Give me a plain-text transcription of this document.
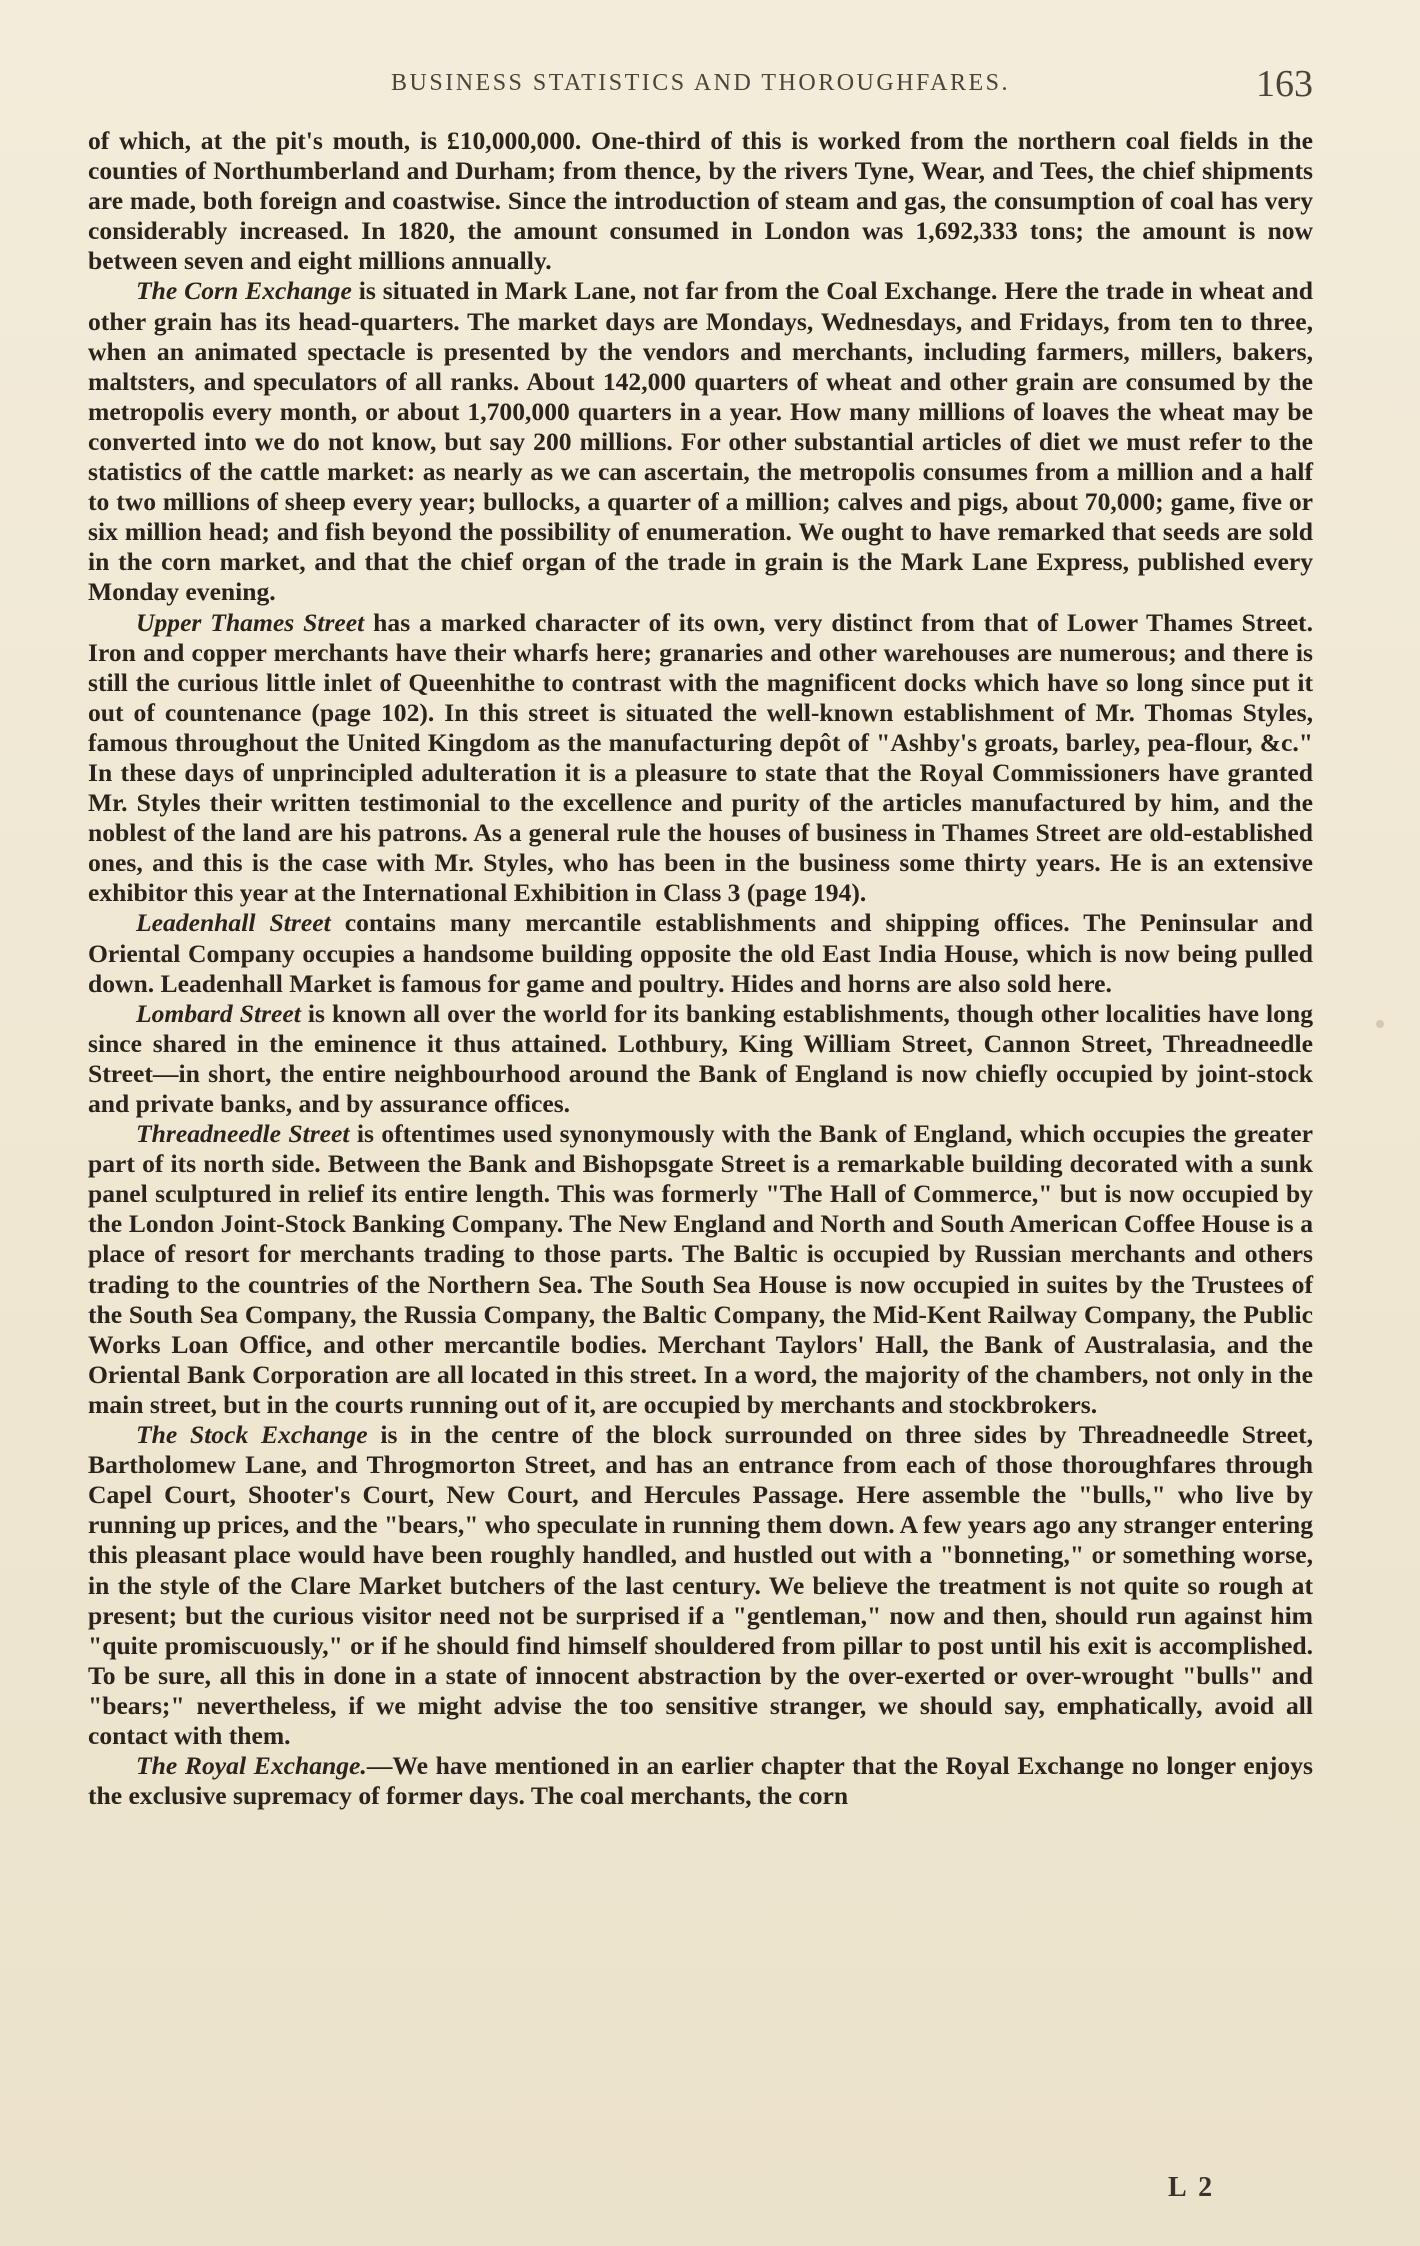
BUSINESS STATISTICS AND THOROUGHFARES.	163

of which, at the pit's mouth, is £10,000,000. One-third of this is worked from the northern coal fields in the counties of Northumberland and Durham; from thence, by the rivers Tyne, Wear, and Tees, the chief shipments are made, both foreign and coastwise. Since the introduction of steam and gas, the consumption of coal has very considerably increased. In 1820, the amount consumed in London was 1,692,333 tons; the amount is now between seven and eight millions annually.

The Corn Exchange is situated in Mark Lane, not far from the Coal Exchange. Here the trade in wheat and other grain has its head-quarters. The market days are Mondays, Wednesdays, and Fridays, from ten to three, when an animated spectacle is presented by the vendors and merchants, including farmers, millers, bakers, maltsters, and speculators of all ranks. About 142,000 quarters of wheat and other grain are consumed by the metropolis every month, or about 1,700,000 quarters in a year. How many millions of loaves the wheat may be converted into we do not know, but say 200 millions. For other substantial articles of diet we must refer to the statistics of the cattle market: as nearly as we can ascertain, the metropolis consumes from a million and a half to two millions of sheep every year; bullocks, a quarter of a million; calves and pigs, about 70,000; game, five or six million head; and fish beyond the possibility of enumeration. We ought to have remarked that seeds are sold in the corn market, and that the chief organ of the trade in grain is the Mark Lane Express, published every Monday evening.

Upper Thames Street has a marked character of its own, very distinct from that of Lower Thames Street. Iron and copper merchants have their wharfs here; granaries and other warehouses are numerous; and there is still the curious little inlet of Queenhithe to contrast with the magnificent docks which have so long since put it out of countenance (page 102). In this street is situated the well-known establishment of Mr. Thomas Styles, famous throughout the United Kingdom as the manufacturing depôt of "Ashby's groats, barley, pea-flour, &c." In these days of unprincipled adulteration it is a pleasure to state that the Royal Commissioners have granted Mr. Styles their written testimonial to the excellence and purity of the articles manufactured by him, and the noblest of the land are his patrons. As a general rule the houses of business in Thames Street are old-established ones, and this is the case with Mr. Styles, who has been in the business some thirty years. He is an extensive exhibitor this year at the International Exhibition in Class 3 (page 194).

Leadenhall Street contains many mercantile establishments and shipping offices. The Peninsular and Oriental Company occupies a handsome building opposite the old East India House, which is now being pulled down. Leadenhall Market is famous for game and poultry. Hides and horns are also sold here.

Lombard Street is known all over the world for its banking establishments, though other localities have long since shared in the eminence it thus attained. Lothbury, King William Street, Cannon Street, Threadneedle Street—in short, the entire neighbourhood around the Bank of England is now chiefly occupied by joint-stock and private banks, and by assurance offices.

Threadneedle Street is oftentimes used synonymously with the Bank of England, which occupies the greater part of its north side. Between the Bank and Bishopsgate Street is a remarkable building decorated with a sunk panel sculptured in relief its entire length. This was formerly "The Hall of Commerce," but is now occupied by the London Joint-Stock Banking Company. The New England and North and South American Coffee House is a place of resort for merchants trading to those parts. The Baltic is occupied by Russian merchants and others trading to the countries of the Northern Sea. The South Sea House is now occupied in suites by the Trustees of the South Sea Company, the Russia Company, the Baltic Company, the Mid-Kent Railway Company, the Public Works Loan Office, and other mercantile bodies. Merchant Taylors' Hall, the Bank of Australasia, and the Oriental Bank Corporation are all located in this street. In a word, the majority of the chambers, not only in the main street, but in the courts running out of it, are occupied by merchants and stockbrokers.

The Stock Exchange is in the centre of the block surrounded on three sides by Threadneedle Street, Bartholomew Lane, and Throgmorton Street, and has an entrance from each of those thoroughfares through Capel Court, Shooter's Court, New Court, and Hercules Passage. Here assemble the "bulls," who live by running up prices, and the "bears," who speculate in running them down. A few years ago any stranger entering this pleasant place would have been roughly handled, and hustled out with a "bonneting," or something worse, in the style of the Clare Market butchers of the last century. We believe the treatment is not quite so rough at present; but the curious visitor need not be surprised if a "gentleman," now and then, should run against him "quite promiscuously," or if he should find himself shouldered from pillar to post until his exit is accomplished. To be sure, all this in done in a state of innocent abstraction by the over-exerted or over-wrought "bulls" and "bears;" nevertheless, if we might advise the too sensitive stranger, we should say, emphatically, avoid all contact with them.

The Royal Exchange.—We have mentioned in an earlier chapter that the Royal Exchange no longer enjoys the exclusive supremacy of former days. The coal merchants, the corn

L 2
